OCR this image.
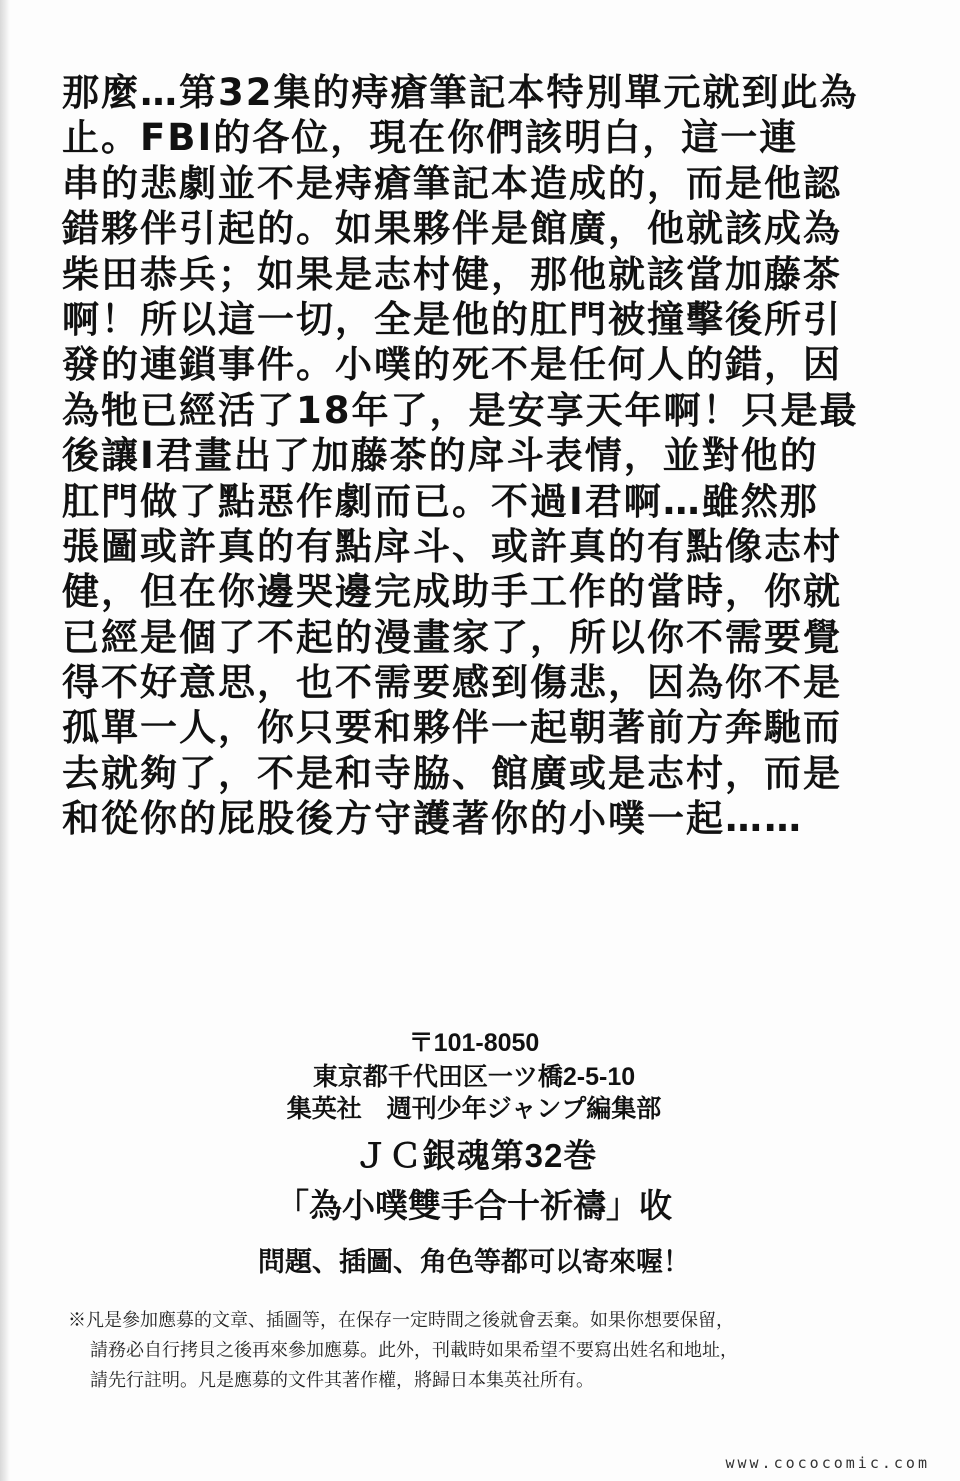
那麼…第32集的痔瘡筆記本特別單元就到此為
止。FBI的各位，現在你們該明白，這一連
串的悲劇並不是痔瘡筆記本造成的，而是他認
錯夥伴引起的。如果夥伴是館廣，他就該成為
柴田恭兵；如果是志村健，那他就該當加藤茶
啊！所以這一切，全是他的肛門被撞擊後所引
發的連鎖事件。小噗的死不是任何人的錯，因
為牠已經活了18年了，是安享天年啊！只是最
後讓I君畫出了加藤茶的戽斗表情，並對他的
肛門做了點惡作劇而已。不過I君啊…雖然那
張圖或許真的有點戽斗、或許真的有點像志村
健，但在你邊哭邊完成助手工作的當時，你就
已經是個了不起的漫畫家了，所以你不需要覺
得不好意思，也不需要感到傷悲，因為你不是
孤單一人，你只要和夥伴一起朝著前方奔馳而
去就夠了，不是和寺脇、館廣或是志村，而是
和從你的屁股後方守護著你的小噗一起……
〒101-8050
東京都千代田区一ツ橋2-5-10
集英社　週刊少年ジャンプ編集部
ＪＣ銀魂第32巻
「為小噗雙手合十祈禱」收
問題、插圖、角色等都可以寄來喔！
※凡是參加應募的文章、插圖等，在保存一定時間之後就會丟棄。如果你想要保留，
請務必自行拷貝之後再來參加應募。此外，刊載時如果希望不要寫出姓名和地址，
請先行註明。凡是應募的文件其著作權，將歸日本集英社所有。
www.cococomic.com
